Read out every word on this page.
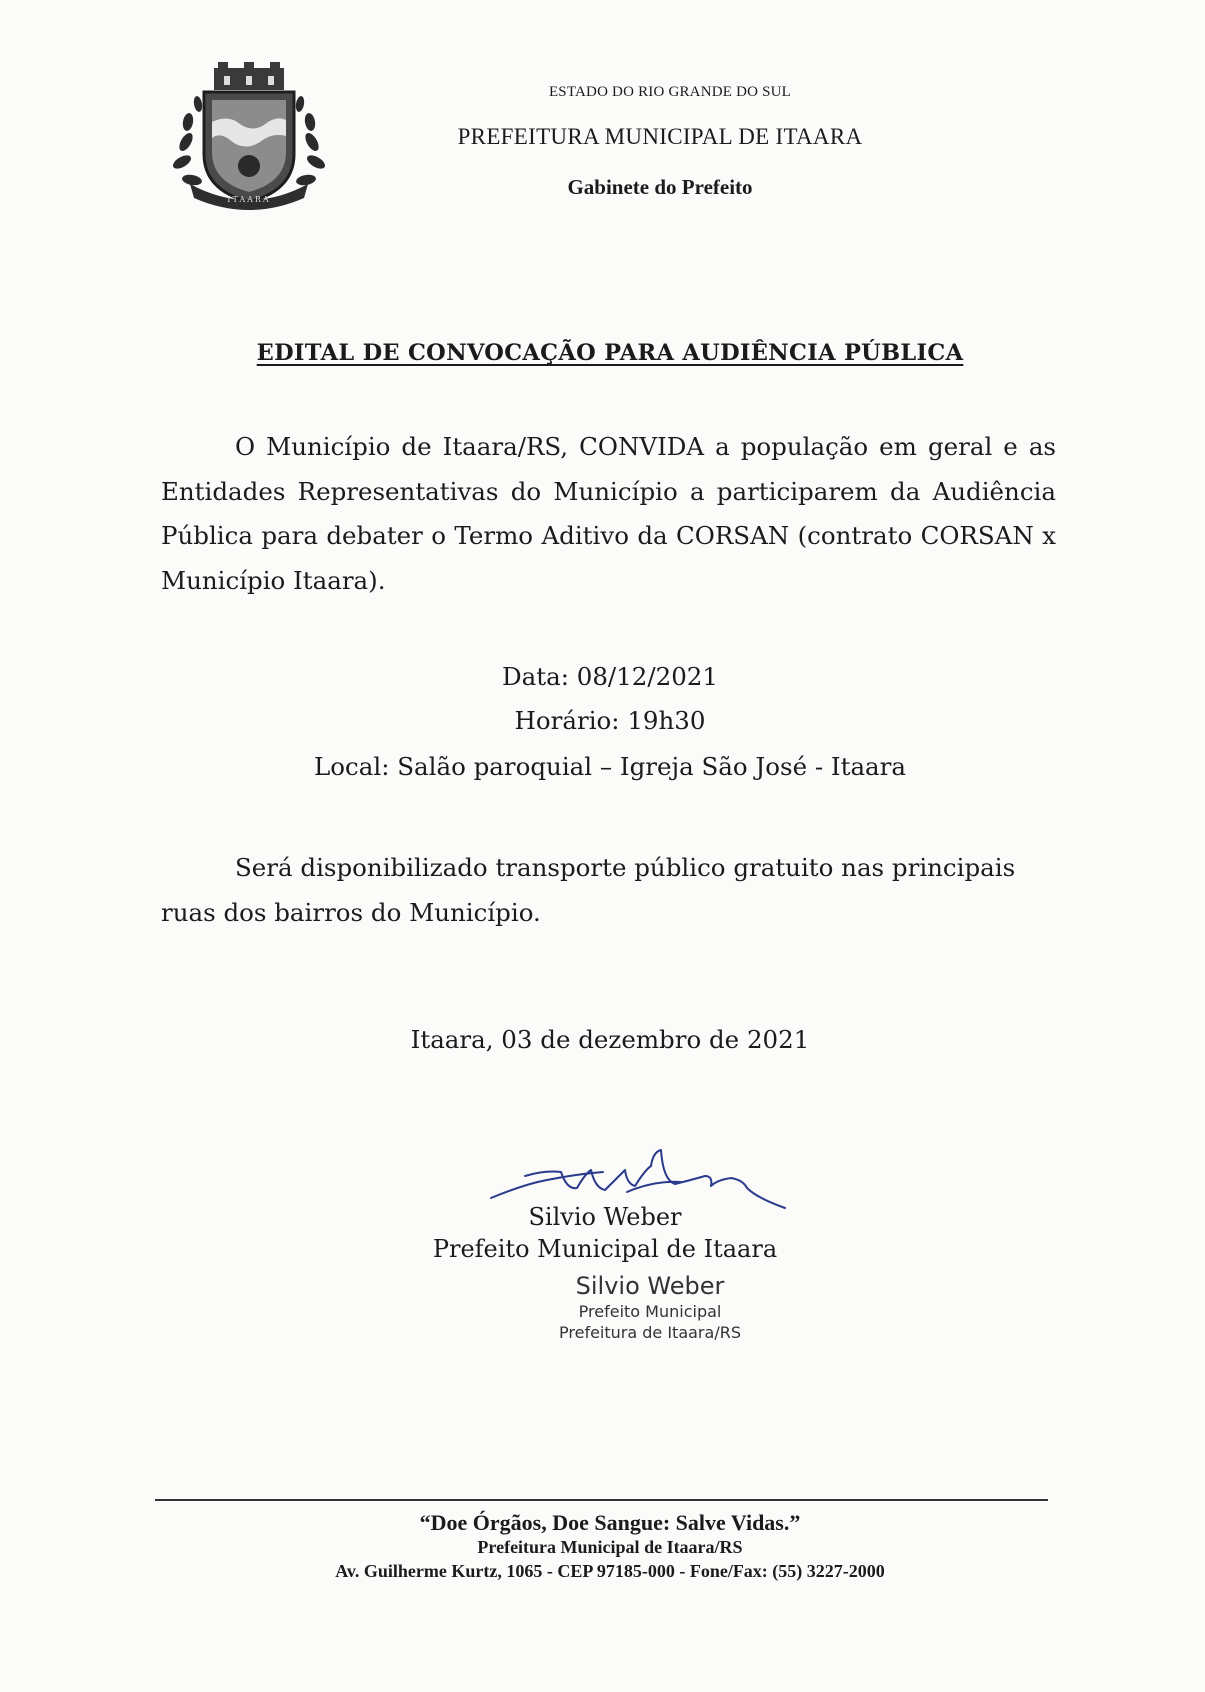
ITAARA
ESTADO DO RIO GRANDE DO SUL
PREFEITURA MUNICIPAL DE ITAARA
Gabinete do Prefeito
EDITAL DE CONVOCAÇÃO PARA AUDIÊNCIA PÚBLICA

O Município de Itaara/RS, CONVIDA a população em geral e as Entidades Representativas do Município a participarem da Audiência Pública para debater o Termo Aditivo da CORSAN (contrato CORSAN x Município Itaara).

Data: 08/12/2021
Horário: 19h30
Local: Salão paroquial – Igreja São José - Itaara

Será disponibilizado transporte público gratuito nas principais ruas dos bairros do Município.

Itaara, 03 de dezembro de 2021
Silvio Weber
Prefeito Municipal de Itaara
Silvio Weber
Prefeito Municipal
Prefeitura de Itaara/RS
“Doe Órgãos, Doe Sangue: Salve Vidas.”
Prefeitura Municipal de Itaara/RS
Av. Guilherme Kurtz, 1065 - CEP 97185-000 - Fone/Fax: (55) 3227-2000
